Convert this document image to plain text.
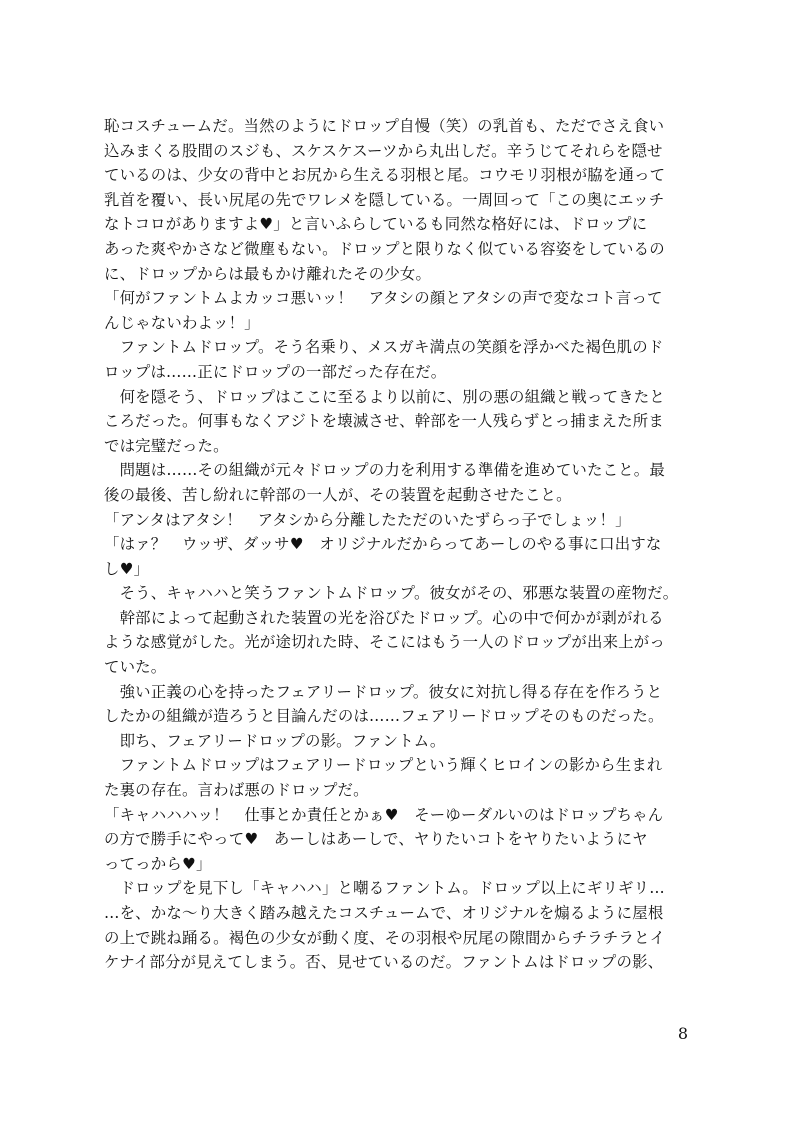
恥コスチュームだ。当然のようにドロップ自慢（笑）の乳首も、ただでさえ食い
込みまくる股間のスジも、スケスケスーツから丸出しだ。辛うじてそれらを隠せ
ているのは、少女の背中とお尻から生える羽根と尾。コウモリ羽根が脇を通って
乳首を覆い、長い尻尾の先でワレメを隠している。一周回って「この奥にエッチ
なトコロがありますよ♥」と言いふらしているも同然な格好には、ドロップに
あった爽やかさなど微塵もない。ドロップと限りなく似ている容姿をしているの
に、ドロップからは最もかけ離れたその少女。
「何がファントムよカッコ悪いッ！　アタシの顔とアタシの声で変なコト言って
んじゃないわよッ！」
　ファントムドロップ。そう名乗り、メスガキ満点の笑顔を浮かべた褐色肌のド
ロップは……正にドロップの一部だった存在だ。
　何を隠そう、ドロップはここに至るより以前に、別の悪の組織と戦ってきたと
ころだった。何事もなくアジトを壊滅させ、幹部を一人残らずとっ捕まえた所ま
では完璧だった。
　問題は……その組織が元々ドロップの力を利用する準備を進めていたこと。最
後の最後、苦し紛れに幹部の一人が、その装置を起動させたこと。
「アンタはアタシ！　アタシから分離したただのいたずらっ子でしょッ！」
「はァ？　ウッザ、ダッサ♥　オリジナルだからってあーしのやる事に口出すな
し♥」
　そう、キャハハと笑うファントムドロップ。彼女がその、邪悪な装置の産物だ。
　幹部によって起動された装置の光を浴びたドロップ。心の中で何かが剥がれる
ような感覚がした。光が途切れた時、そこにはもう一人のドロップが出来上がっ
ていた。
　強い正義の心を持ったフェアリードロップ。彼女に対抗し得る存在を作ろうと
したかの組織が造ろうと目論んだのは……フェアリードロップそのものだった。
　即ち、フェアリードロップの影。ファントム。
　ファントムドロップはフェアリードロップという輝くヒロインの影から生まれ
た裏の存在。言わば悪のドロップだ。
「キャハハハッ！　仕事とか責任とかぁ♥　そーゆーダルいのはドロップちゃん
の方で勝手にやって♥　あーしはあーしで、ヤりたいコトをヤりたいようにヤ
ってっから♥」
　ドロップを見下し「キャハハ」と嘲るファントム。ドロップ以上にギリギリ…
…を、かな～り大きく踏み越えたコスチュームで、オリジナルを煽るように屋根
の上で跳ね踊る。褐色の少女が動く度、その羽根や尻尾の隙間からチラチラとイ
ケナイ部分が見えてしまう。否、見せているのだ。ファントムはドロップの影、
8
